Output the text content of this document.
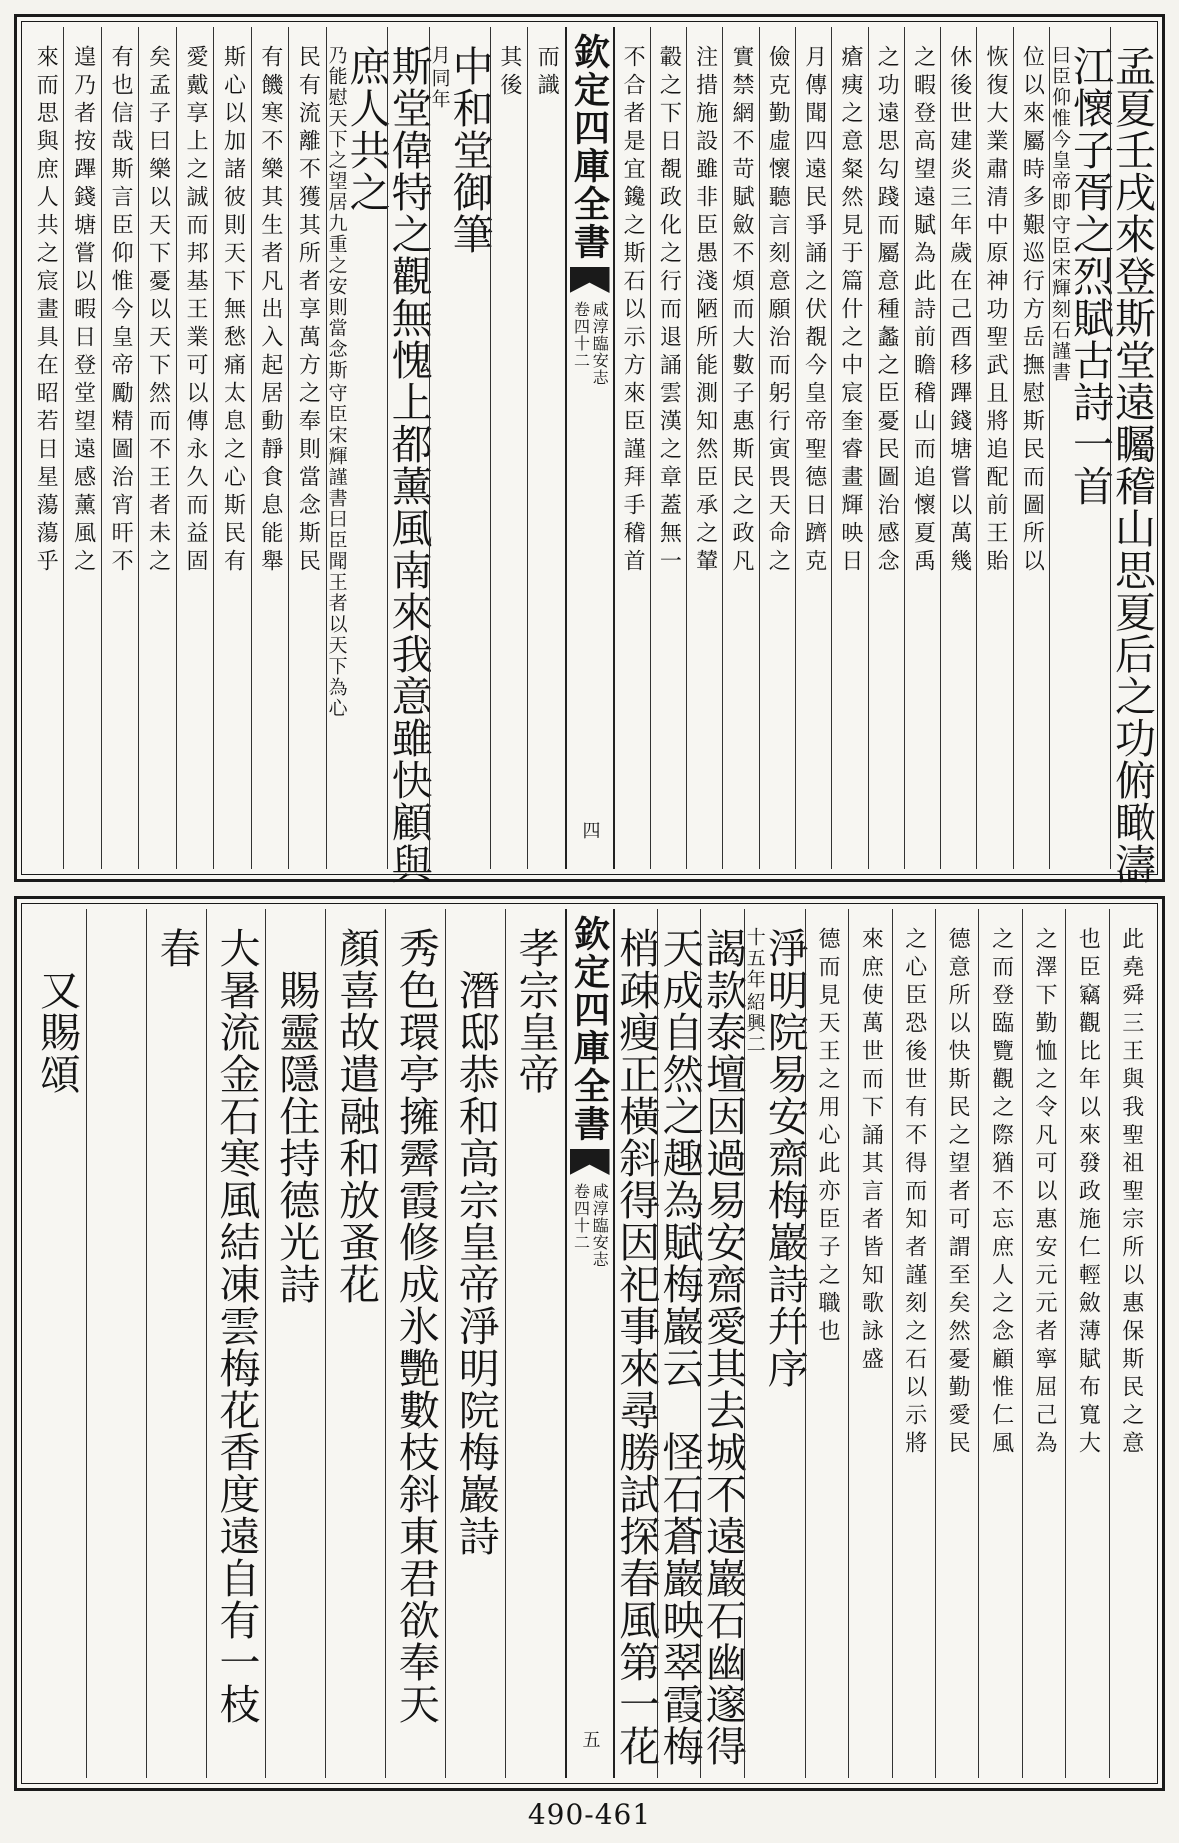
孟夏壬戌來登斯堂遠矚稽山思夏后之功俯瞰濤
江懷子胥之烈賦古詩一首
守臣宋輝刻石謹書
曰臣仰惟今皇帝即
位以來屬時多艱巡行方岳撫慰斯民而圖所以
恢復大業肅清中原神功聖武且將追配前王貽
休後世建炎三年歲在己酉移蹕錢塘嘗以萬幾
之暇登高望遠賦為此詩前瞻稽山而追懷夏禹
之功遠思勾踐而屬意種蠡之臣憂民圖治感念
瘡痍之意粲然見于篇什之中宸奎睿畫輝映日
月傳聞四遠民爭誦之伏覩今皇帝聖德日躋克
儉克勤虛懷聽言刻意願治而躬行寅畏天命之
實禁網不苛賦斂不煩而大數子惠斯民之政凡
注措施設雖非臣愚淺陋所能測知然臣承之輦
轂之下日覩政化之行而退誦雲漢之章蓋無一
不合者是宜鑱之斯石以示方來臣謹拜手稽首
欽定四庫全書
咸淳臨安志
卷四十二
四
而識
其後
中和堂御筆
同年
月
斯堂偉特之觀無愧上都薰風南來我意雖快顧與
庶人共之
守臣宋輝謹書曰臣聞王者以天下為心
乃能慰天下之望居九重之安則當念斯
民有流離不獲其所者享萬方之奉則當念斯民
有饑寒不樂其生者凡出入起居動靜食息能舉
斯心以加諸彼則天下無愁痛太息之心斯民有
愛戴享上之誠而邦基王業可以傳永久而益固
矣孟子曰樂以天下憂以天下然而不王者未之
有也信哉斯言臣仰惟今皇帝勵精圖治宵旰不
遑乃者按蹕錢塘嘗以暇日登堂望遠感薰風之
來而思與庶人共之宸畫具在昭若日星蕩蕩乎
此堯舜三王與我聖祖聖宗所以惠保斯民之意
也臣竊觀比年以來發政施仁輕斂薄賦布寬大
之澤下勤恤之令凡可以惠安元元者寧屈己為
之而登臨覽觀之際猶不忘庶人之念顧惟仁風
德意所以快斯民之望者可謂至矣然憂勤愛民
之心臣恐後世有不得而知者謹刻之石以示將
來庶使萬世而下誦其言者皆知歌詠盛
德而見天王之用心此亦臣子之職也
淨明院易安齋梅巖詩幷序
紹興二
十五年
謁款泰壇因過易安齋愛其去城不遠巖石幽邃得
天成自然之趣為賦梅巖云　怪石蒼巖映翠霞梅
梢疎瘦正橫斜得因祀事來尋勝試探春風第一花
欽定四庫全書
咸淳臨安志
卷四十二
五
孝宗皇帝
　潛邸恭和高宗皇帝淨明院梅巖詩
秀色環亭擁霽霞修成氷艷數枝斜東君欲奉天
顏喜故遣融和放蚤花
　賜靈隱住持德光詩
大暑流金石寒風結凍雲梅花香度遠自有一枝
春
　又賜頌
490-461
